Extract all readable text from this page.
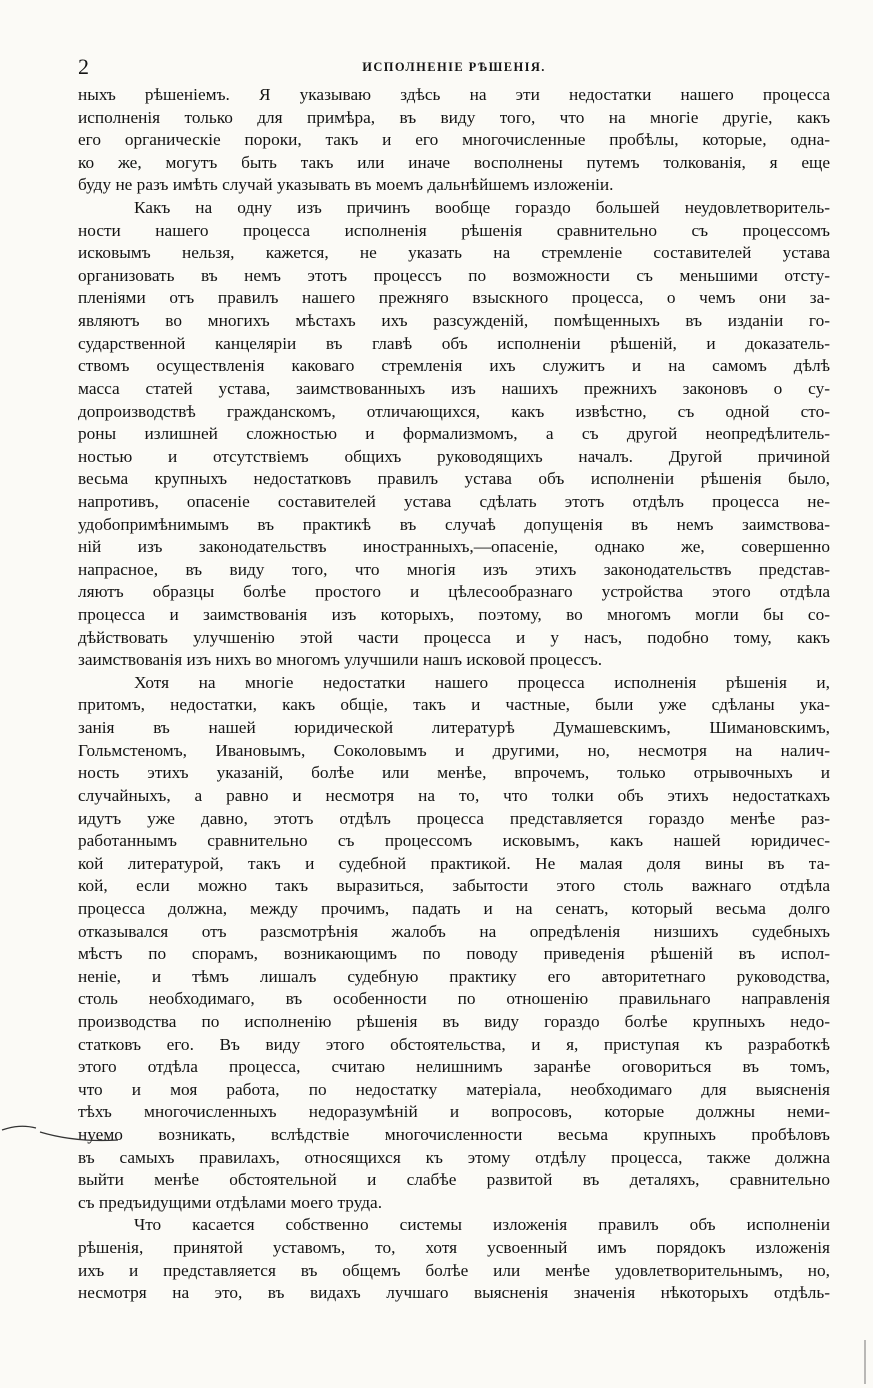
2	ИСПОЛНЕНІЕ РѢШЕНІЯ.
ныхъ рѣшеніемъ. Я указываю здѣсь на эти недостатки нашего процесса
исполненія только для примѣра, въ виду того, что на многіе другіе, какъ
его органическіе пороки, такъ и его многочисленные пробѣлы, которые, одна-
ко же, могутъ быть такъ или иначе восполнены путемъ толкованія, я еще
буду не разъ имѣть случай указывать въ моемъ дальнѣйшемъ изложеніи.
Какъ на одну изъ причинъ вообще гораздо большей неудовлетворитель-
ности нашего процесса исполненія рѣшенія сравнительно съ процессомъ
исковымъ нельзя, кажется, не указать на стремленіе составителей устава
организовать въ немъ этотъ процессъ по возможности съ меньшими отсту-
пленіями отъ правилъ нашего прежняго взыскного процесса, о чемъ они за-
являютъ во многихъ мѣстахъ ихъ разсужденій, помѣщенныхъ въ изданіи го-
сударственной канцеляріи въ главѣ объ исполненіи рѣшеній, и доказатель-
ствомъ осуществленія каковаго стремленія ихъ служитъ и на самомъ дѣлѣ
масса статей устава, заимствованныхъ изъ нашихъ прежнихъ законовъ о су-
допроизводствѣ гражданскомъ, отличающихся, какъ извѣстно, съ одной сто-
роны излишней сложностью и формализмомъ, а съ другой неопредѣлитель-
ностью и отсутствіемъ общихъ руководящихъ началъ. Другой причиной
весьма крупныхъ недостатковъ правилъ устава объ исполненіи рѣшенія было,
напротивъ, опасеніе составителей устава сдѣлать этотъ отдѣлъ процесса не-
удобопримѣнимымъ въ практикѣ въ случаѣ допущенія въ немъ заимствова-
ній изъ законодательствъ иностранныхъ,—опасеніе, однако же, совершенно
напрасное, въ виду того, что многія изъ этихъ законодательствъ представ-
ляютъ образцы болѣе простого и цѣлесообразнаго устройства этого отдѣла
процесса и заимствованія изъ которыхъ, поэтому, во многомъ могли бы со-
дѣйствовать улучшенію этой части процесса и у насъ, подобно тому, какъ
заимствованія изъ нихъ во многомъ улучшили нашъ исковой процессъ.
Хотя на многіе недостатки нашего процесса исполненія рѣшенія и,
притомъ, недостатки, какъ общіе, такъ и частные, были уже сдѣланы ука-
занія въ нашей юридической литературѣ Думашевскимъ, Шимановскимъ,
Гольмстеномъ, Ивановымъ, Соколовымъ и другими, но, несмотря на налич-
ность этихъ указаній, болѣе или менѣе, впрочемъ, только отрывочныхъ и
случайныхъ, а равно и несмотря на то, что толки объ этихъ недостаткахъ
идутъ уже давно, этотъ отдѣлъ процесса представляется гораздо менѣе раз-
работаннымъ сравнительно съ процессомъ исковымъ, какъ нашей юридичес-
кой литературой, такъ и судебной практикой. Не малая доля вины въ та-
кой, если можно такъ выразиться, забытости этого столь важнаго отдѣла
процесса должна, между прочимъ, падать и на сенатъ, который весьма долго
отказывался отъ разсмотрѣнія жалобъ на опредѣленія низшихъ судебныхъ
мѣстъ по спорамъ, возникающимъ по поводу приведенія рѣшеній въ испол-
неніе, и тѣмъ лишалъ судебную практику его авторитетнаго руководства,
столь необходимаго, въ особенности по отношенію правильнаго направленія
производства по исполненію рѣшенія въ виду гораздо болѣе крупныхъ недо-
статковъ его. Въ виду этого обстоятельства, и я, приступая къ разработкѣ
этого отдѣла процесса, считаю нелишнимъ заранѣе оговориться въ томъ,
что и моя работа, по недостатку матеріала, необходимаго для выясненія
тѣхъ многочисленныхъ недоразумѣній и вопросовъ, которые должны неми-
нуемо возникать, вслѣдствіе многочисленности весьма крупныхъ пробѣловъ
въ самыхъ правилахъ, относящихся къ этому отдѣлу процесса, также должна
выйти менѣе обстоятельной и слабѣе развитой въ деталяхъ, сравнительно
съ предъидущими отдѣлами моего труда.
Что касается собственно системы изложенія правилъ объ исполненіи
рѣшенія, принятой уставомъ, то, хотя усвоенный имъ порядокъ изложенія
ихъ и представляется въ общемъ болѣе или менѣе удовлетворительнымъ, но,
несмотря на это, въ видахъ лучшаго выясненія значенія нѣкоторыхъ отдѣль-
